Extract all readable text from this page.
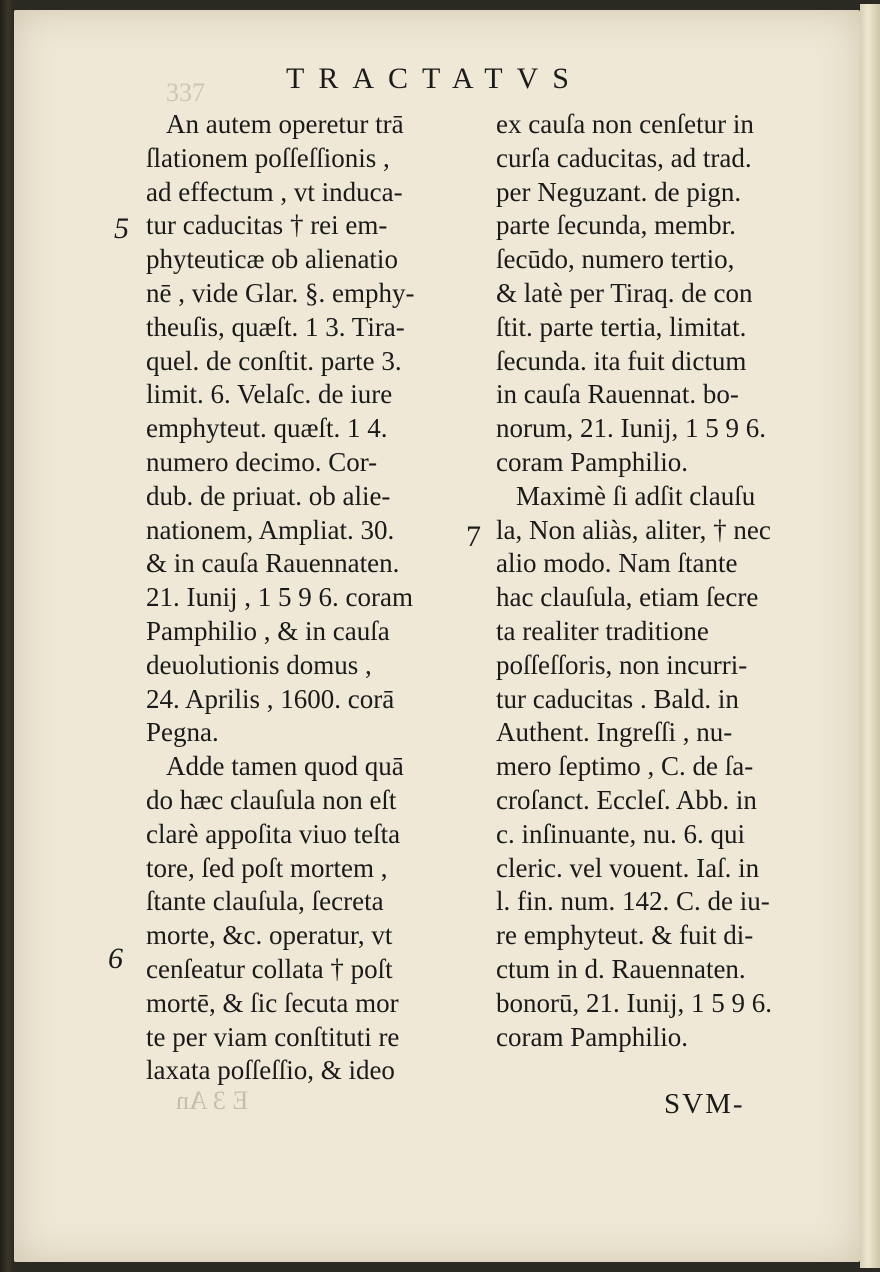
337	TRACTATVS
5
6
7
An autem operetur trā
ſlationem poſſeſſionis ,
ad effectum , vt induca-
tur caducitas † rei em-
phyteuticæ ob alienatio
nē , vide Glar. §. emphy-
theuſis, quæſt. 1 3. Tira-
quel. de conſtit. parte 3.
limit. 6. Velaſc. de iure
emphyteut. quæſt. 1 4.
numero decimo. Cor-
dub. de priuat. ob alie-
nationem, Ampliat. 30.
& in cauſa Rauennaten.
21. Iunij , 1 5 9 6. coram
Pamphilio , & in cauſa
deuolutionis domus ,
24. Aprilis , 1600. corā
Pegna.
Adde tamen quod quā
do hæc clauſula non eſt
clarè appoſita viuo teſta
tore, ſed poſt mortem ,
ſtante clauſula, ſecreta
morte, &c. operatur, vt
cenſeatur collata † poſt
mortē, & ſic ſecuta mor
te per viam conſtituti re
laxata poſſeſſio, & ideo
ex cauſa non cenſetur in
curſa caducitas, ad trad.
per Neguzant. de pign.
parte ſecunda, membr.
ſecūdo, numero tertio,
& latè per Tiraq. de con
ſtit. parte tertia, limitat.
ſecunda. ita fuit dictum
in cauſa Rauennat. bo-
norum, 21. Iunij, 1 5 9 6.
coram Pamphilio.
Maximè ſi adſit clauſu
la, Non aliàs, aliter, † nec
alio modo. Nam ſtante
hac clauſula, etiam ſecre
ta realiter traditione
poſſeſſoris, non incurri-
tur caducitas . Bald. in
Authent. Ingreſſi , nu-
mero ſeptimo , C. de ſa-
croſanct. Eccleſ. Abb. in
c. inſinuante, nu. 6. qui
cleric. vel vouent. Iaſ. in
l. fin. num. 142. C. de iu-
re emphyteut. & fuit di-
ctum in d. Rauennaten.
bonorū, 21. Iunij, 1 5 9 6.
coram Pamphilio.
E 3 An	SVM-
